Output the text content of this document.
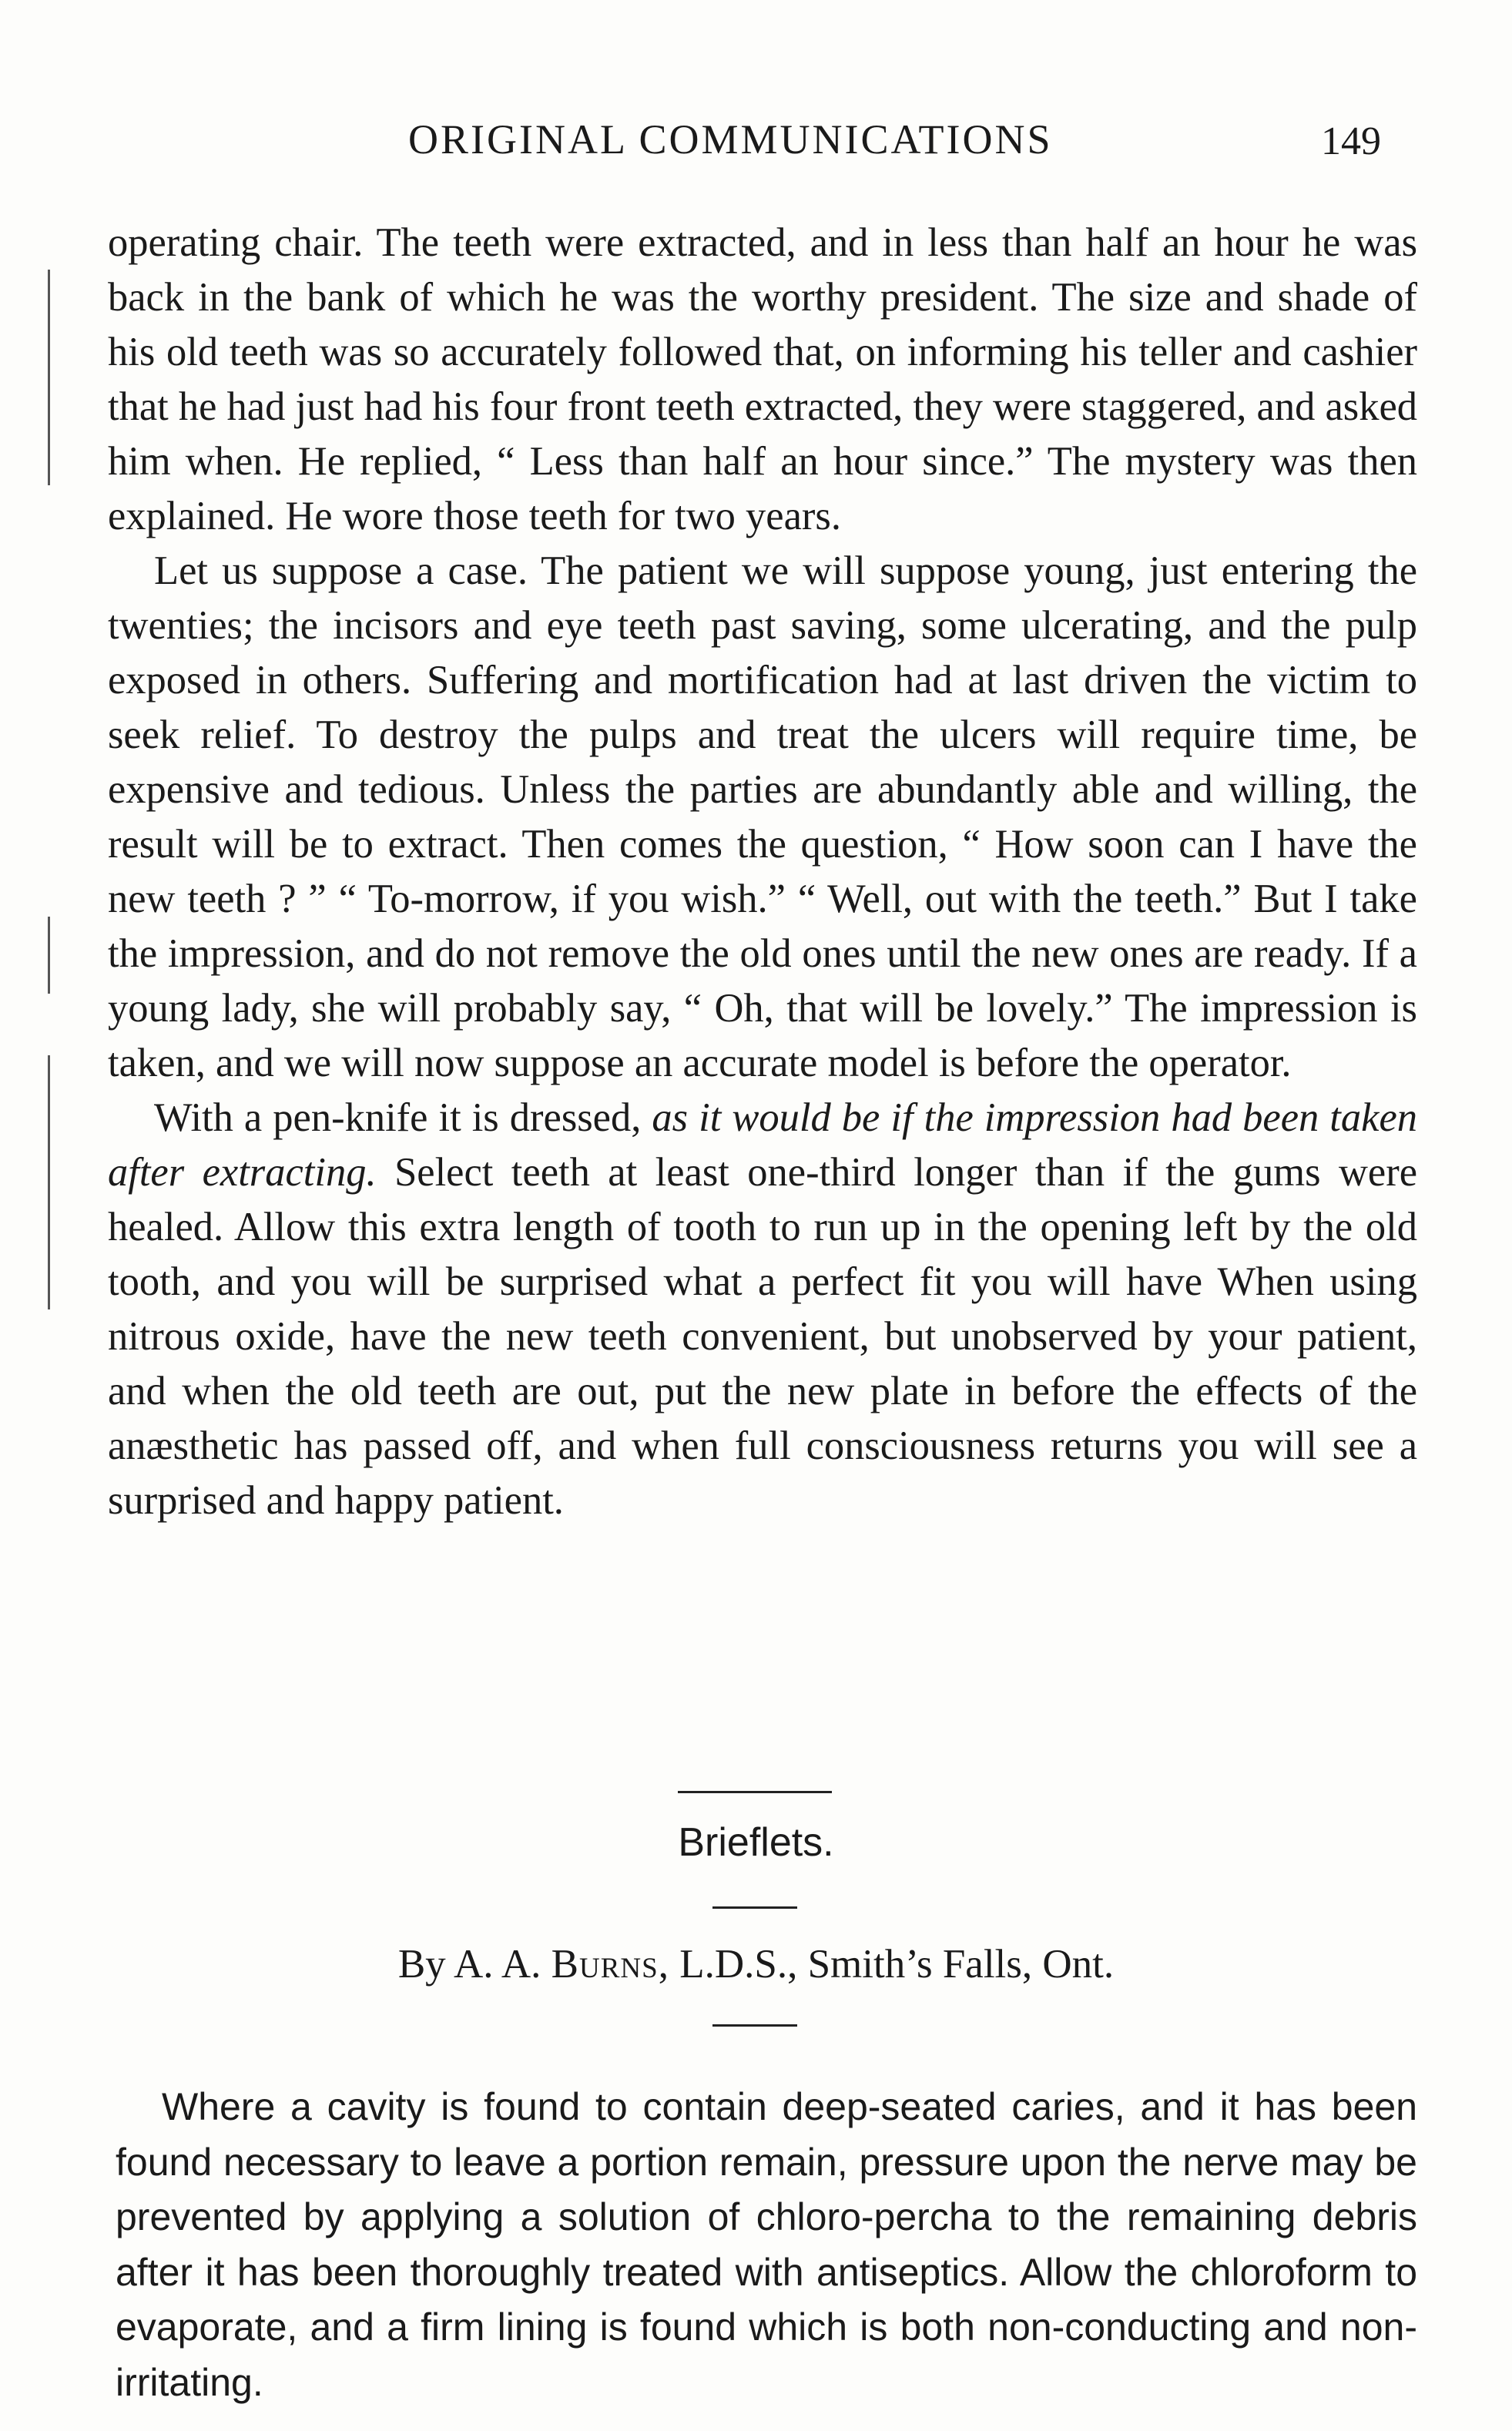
ORIGINAL COMMUNICATIONS	149

operating chair. The teeth were extracted, and in less than half an hour he was back in the bank of which he was the worthy president. The size and shade of his old teeth was so accurately followed that, on informing his teller and cashier that he had just had his four front teeth extracted, they were staggered, and asked him when. He replied, “ Less than half an hour since.” The mystery was then explained. He wore those teeth for two years.

Let us suppose a case. The patient we will suppose young, just entering the twenties; the incisors and eye teeth past saving, some ulcerating, and the pulp exposed in others. Suffering and mortification had at last driven the victim to seek relief. To destroy the pulps and treat the ulcers will require time, be expensive and tedious. Unless the parties are abundantly able and willing, the result will be to extract. Then comes the question, “ How soon can I have the new teeth ? ” “ To-morrow, if you wish.” “ Well, out with the teeth.” But I take the impression, and do not remove the old ones until the new ones are ready. If a young lady, she will probably say, “ Oh, that will be lovely.” The impression is taken, and we will now suppose an accurate model is before the operator.

With a pen-knife it is dressed, as it would be if the impression had been taken after extracting. Select teeth at least one-third longer than if the gums were healed. Allow this extra length of tooth to run up in the opening left by the old tooth, and you will be surprised what a perfect fit you will have When using nitrous oxide, have the new teeth convenient, but unobserved by your patient, and when the old teeth are out, put the new plate in before the effects of the anæsthetic has passed off, and when full consciousness returns you will see a surprised and happy patient.

Brieflets.
By A. A. Burns, L.D.S., Smith’s Falls, Ont.

Where a cavity is found to contain deep-seated caries, and it has been found necessary to leave a portion remain, pressure upon the nerve may be prevented by applying a solution of chloro-percha to the remaining debris after it has been thoroughly treated with antiseptics. Allow the chloroform to evaporate, and a firm lining is found which is both non-conducting and non-irritating.
